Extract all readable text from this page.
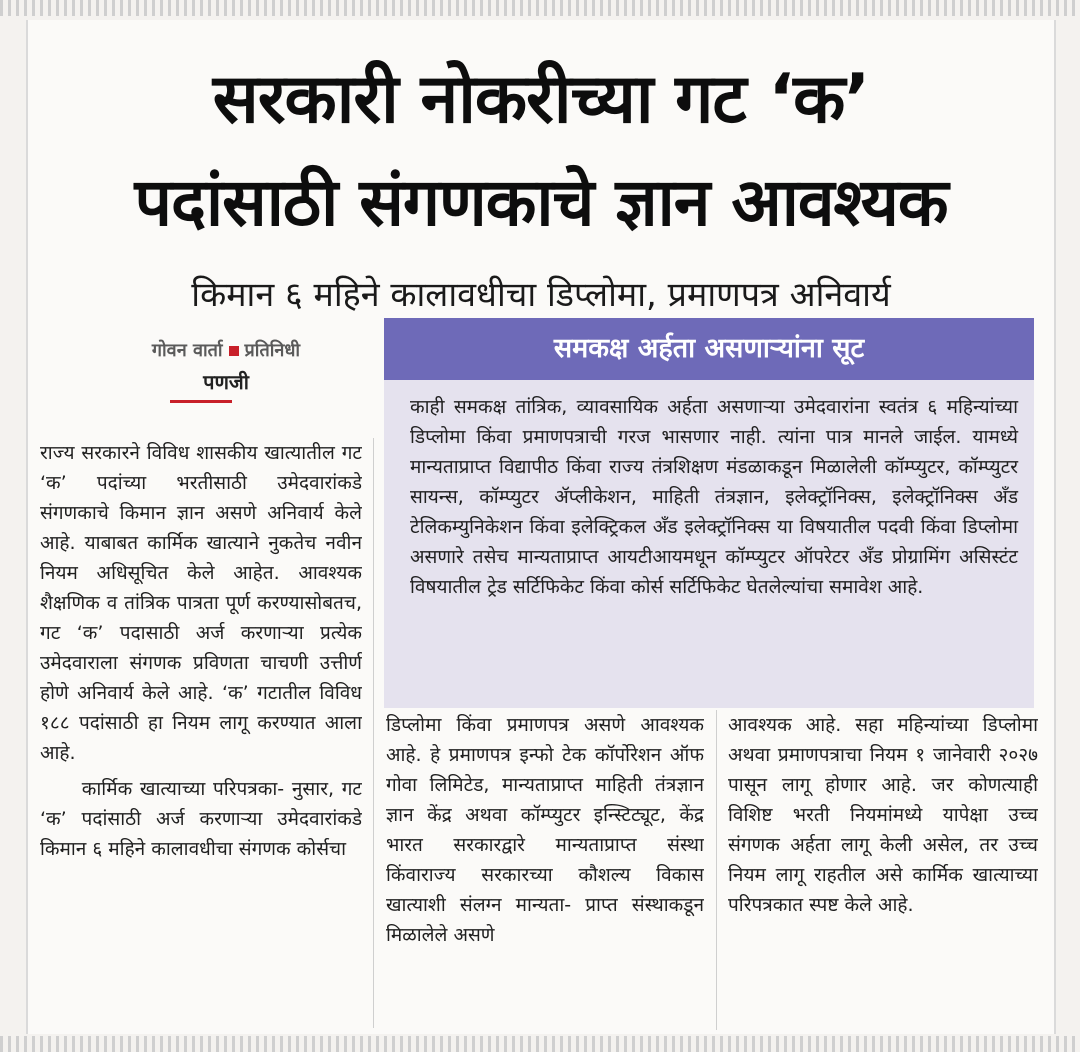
सरकारी नोकरीच्या गट ‘क’
पदांसाठी संगणकाचे ज्ञान आवश्यक
किमान ६ महिने कालावधीचा डिप्लोमा, प्रमाणपत्र अनिवार्य
गोवन वार्ता प्रतिनिधी
पणजी

राज्य सरकारने विविध शासकीय खात्यातील गट ‘क’ पदांच्या भरतीसाठी उमेदवारांकडे संगणकाचे किमान ज्ञान असणे अनिवार्य केले आहे. याबाबत कार्मिक खात्याने नुकतेच नवीन नियम अधिसूचित केले आहेत. आवश्यक शैक्षणिक व तांत्रिक पात्रता पूर्ण करण्यासोबतच, गट ‘क’ पदासाठी अर्ज करणाऱ्या प्रत्येक उमेदवाराला संगणक प्रविणता चाचणी उत्तीर्ण होणे अनिवार्य केले आहे. ‘क’ गटातील विविध १८८ पदांसाठी हा नियम लागू करण्यात आला आहे.

कार्मिक खात्याच्या परिपत्रका- नुसार, गट ‘क’ पदांसाठी अर्ज करणाऱ्या उमेदवारांकडे किमान ६ महिने कालावधीचा संगणक कोर्सचा

समकक्ष अर्हता असणाऱ्यांना सूट
काही समकक्ष तांत्रिक, व्यावसायिक अर्हता असणाऱ्या उमेदवारांना स्वतंत्र ६ महिन्यांच्या डिप्लोमा किंवा प्रमाणपत्राची गरज भासणार नाही. त्यांना पात्र मानले जाईल. यामध्ये मान्यताप्राप्त विद्यापीठ किंवा राज्य तंत्रशिक्षण मंडळाकडून मिळालेली कॉम्प्युटर, कॉम्प्युटर सायन्स, कॉम्प्युटर ॲप्लीकेशन, माहिती तंत्रज्ञान, इलेक्ट्रॉनिक्स, इलेक्ट्रॉनिक्स अँड टेलिकम्युनिकेशन किंवा इलेक्ट्रिकल अँड इलेक्ट्रॉनिक्स या विषयातील पदवी किंवा डिप्लोमा असणारे तसेच मान्यताप्राप्त आयटीआयमधून कॉम्प्युटर ऑपरेटर अँड प्रोग्रामिंग असिस्टंट विषयातील ट्रेड सर्टिफिकेट किंवा कोर्स सर्टिफिकेट घेतलेल्यांचा समावेश आहे.

डिप्लोमा किंवा प्रमाणपत्र असणे आवश्यक आहे. हे प्रमाणपत्र इन्फो टेक कॉर्पोरेशन ऑफ गोवा लिमिटेड, मान्यताप्राप्त माहिती तंत्रज्ञान ज्ञान केंद्र अथवा कॉम्प्युटर इन्स्टिट्यूट, केंद्र भारत सरकारद्वारे मान्यताप्राप्त संस्था किंवाराज्य सरकारच्या कौशल्य विकास खात्याशी संलग्न मान्यता- प्राप्त संस्थाकडून मिळालेले असणे

आवश्यक आहे. सहा महिन्यांच्या डिप्लोमा अथवा प्रमाणपत्राचा नियम १ जानेवारी २०२७ पासून लागू होणार आहे. जर कोणत्याही विशिष्ट भरती नियमांमध्ये यापेक्षा उच्च संगणक अर्हता लागू केली असेल, तर उच्च नियम लागू राहतील असे कार्मिक खात्याच्या परिपत्रकात स्पष्ट केले आहे.
